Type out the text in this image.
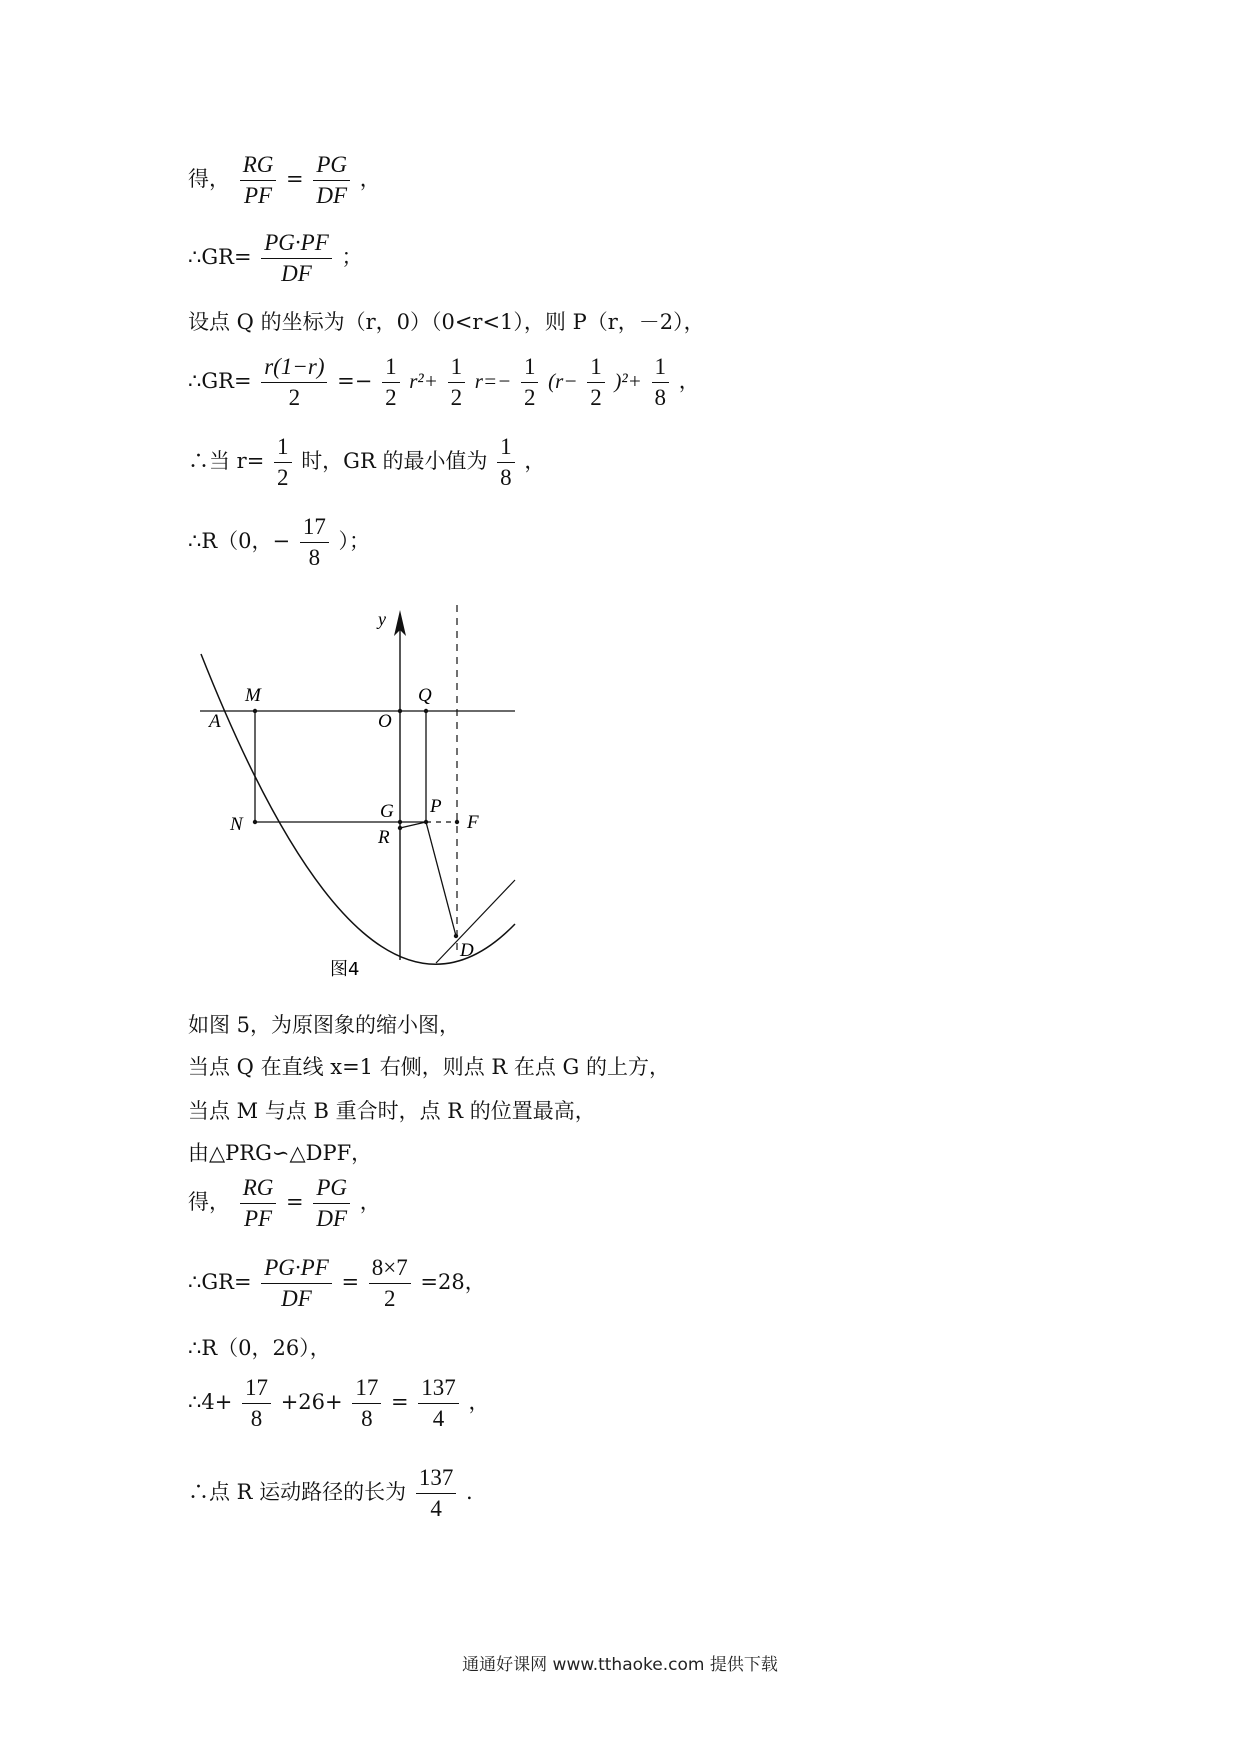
得， $\frac{RG}{PF} = \frac{PG}{DF}$ ，
∴GR= $\frac{PG\cdot PF}{DF}$ ；
设点 Q 的坐标为（r，0）（0<r<1），则 P（r，－2），
∴GR= $\frac{r(1-r)}{2} =- \frac{1}{2} r^2+ \frac{1}{2} r=- \frac{1}{2} (r- \frac{1}{2} )^2+ \frac{1}{8}$ ，
∴当 $r= \frac{1}{2}$ 时，GR 的最小值为 $\frac{1}{8}$ ，
∴R（0，− $\frac{17}{8}$ ）；
y
M
A	O
Q
G P
F
N
R
D
图4
如图 5，为原图象的缩小图，
当点 Q 在直线 x=1 右侧，则点 R 在点 G 的上方，
当点 M 与点 B 重合时，点 R 的位置最高，
由△PRG∽△DPF，
得， $\frac{RG}{PF} = \frac{PG}{DF}$ ，
∴GR= $\frac{PG\cdot PF}{DF} = \frac{8\times 7}{2} =28$，
∴R（0，26），
∴4+ $\frac{17}{8} +26+ \frac{17}{8} = \frac{137}{4}$ ，
∴点 R 运动路径的长为 $\frac{137}{4}$ .
通通好课网 www.tthaoke.com 提供下载
